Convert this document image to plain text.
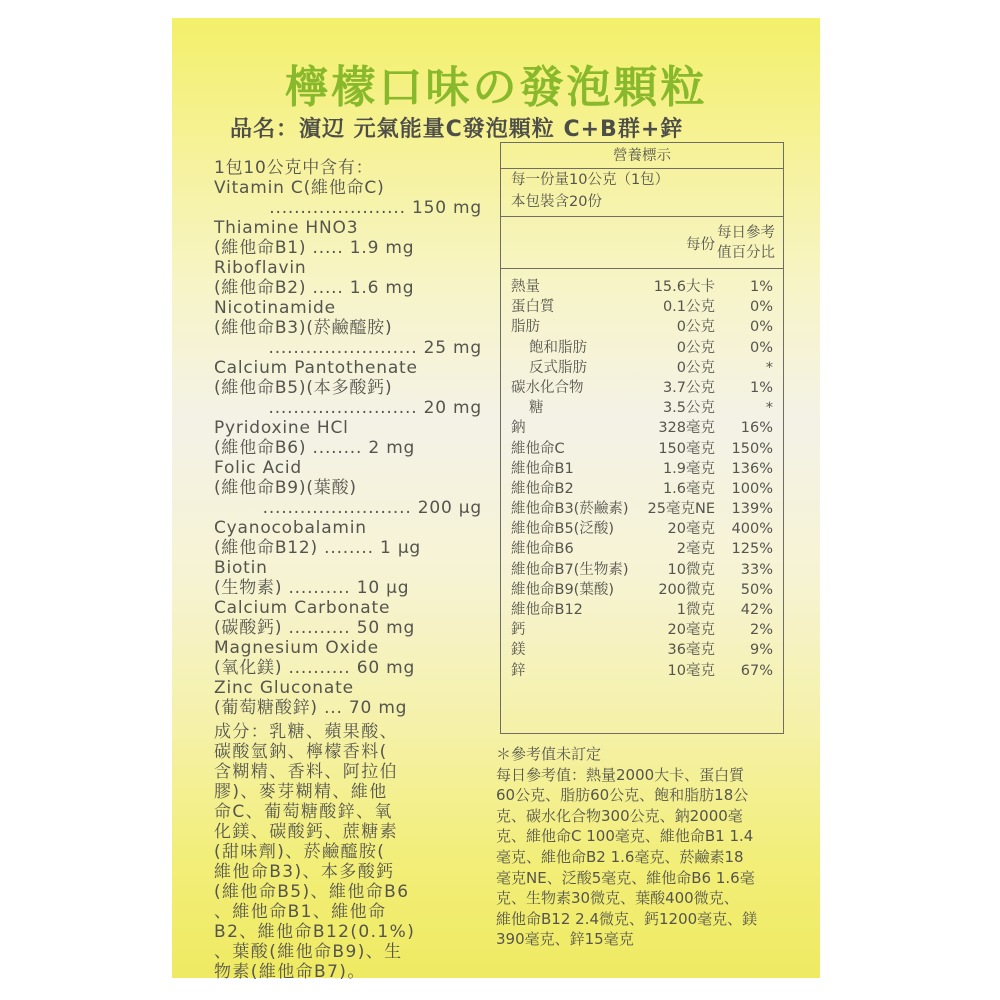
檸檬口味の發泡顆粒
品名：濵辺 元氣能量C發泡顆粒 C+B群+鋅
1包10公克中含有：
Vitamin C(維他命C)
...................... 150 mg
Thiamine HNO3
(維他命B1) ..... 1.9 mg
Riboflavin
(維他命B2) ..... 1.6 mg
Nicotinamide
(維他命B3)(菸鹼醯胺)
........................ 25 mg
Calcium Pantothenate
(維他命B5)(本多酸鈣)
........................ 20 mg
Pyridoxine HCl
(維他命B6) ........ 2 mg
Folic Acid
(維他命B9)(葉酸)
........................ 200 μg
Cyanocobalamin
(維他命B12) ........ 1 μg
Biotin
(生物素) .......... 10 μg
Calcium Carbonate
(碳酸鈣) .......... 50 mg
Magnesium Oxide
(氧化鎂) .......... 60 mg
Zinc Gluconate
(葡萄糖酸鋅) ... 70 mg
成分：乳糖、蘋果酸、
碳酸氫鈉、檸檬香料(
含糊精、香料、阿拉伯
膠)、麥芽糊精、維他
命C、葡萄糖酸鋅、氧
化鎂、碳酸鈣、蔗糖素
(甜味劑)、菸鹼醯胺(
維他命B3)、本多酸鈣
(維他命B5)、維他命B6
、維他命B1、維他命
B2、維他命B12(0.1%)
、葉酸(維他命B9)、生
物素(維他命B7)。
營養標示
每一份量10公克（1包）
本包裝含20份
每份
每日參考
值百分比
熱量	15.6大卡 1%
蛋白質	0.1公克 0%
脂肪	0公克 0%
飽和脂肪	0公克 0%
反式脂肪	0公克	*
碳水化合物	3.7公克 1%
糖	3.5公克	*
鈉	328毫克 16%
維他命C	150毫克 150%
維他命B1	1.9毫克 136%
維他命B2	1.6毫克 100%
維他命B3(菸鹼素) 25毫克NE 139%
維他命B5(泛酸)	20毫克 400%
維他命B6	2毫克 125%
維他命B7(生物素)	10微克 33%
維他命B9(葉酸)	200微克 50%
維他命B12	1微克 42%
鈣	20毫克 2%
鎂	36毫克 9%
鋅	10毫克 67%
＊參考值未訂定
每日參考值：熱量2000大卡、蛋白質
60公克、脂肪60公克、飽和脂肪18公
克、碳水化合物300公克、鈉2000毫
克、維他命C 100毫克、維他命B1 1.4
毫克、維他命B2 1.6毫克、菸鹼素18
毫克NE、泛酸5毫克、維他命B6 1.6毫
克、生物素30微克、葉酸400微克、
維他命B12 2.4微克、鈣1200毫克、鎂
390毫克、鋅15毫克
